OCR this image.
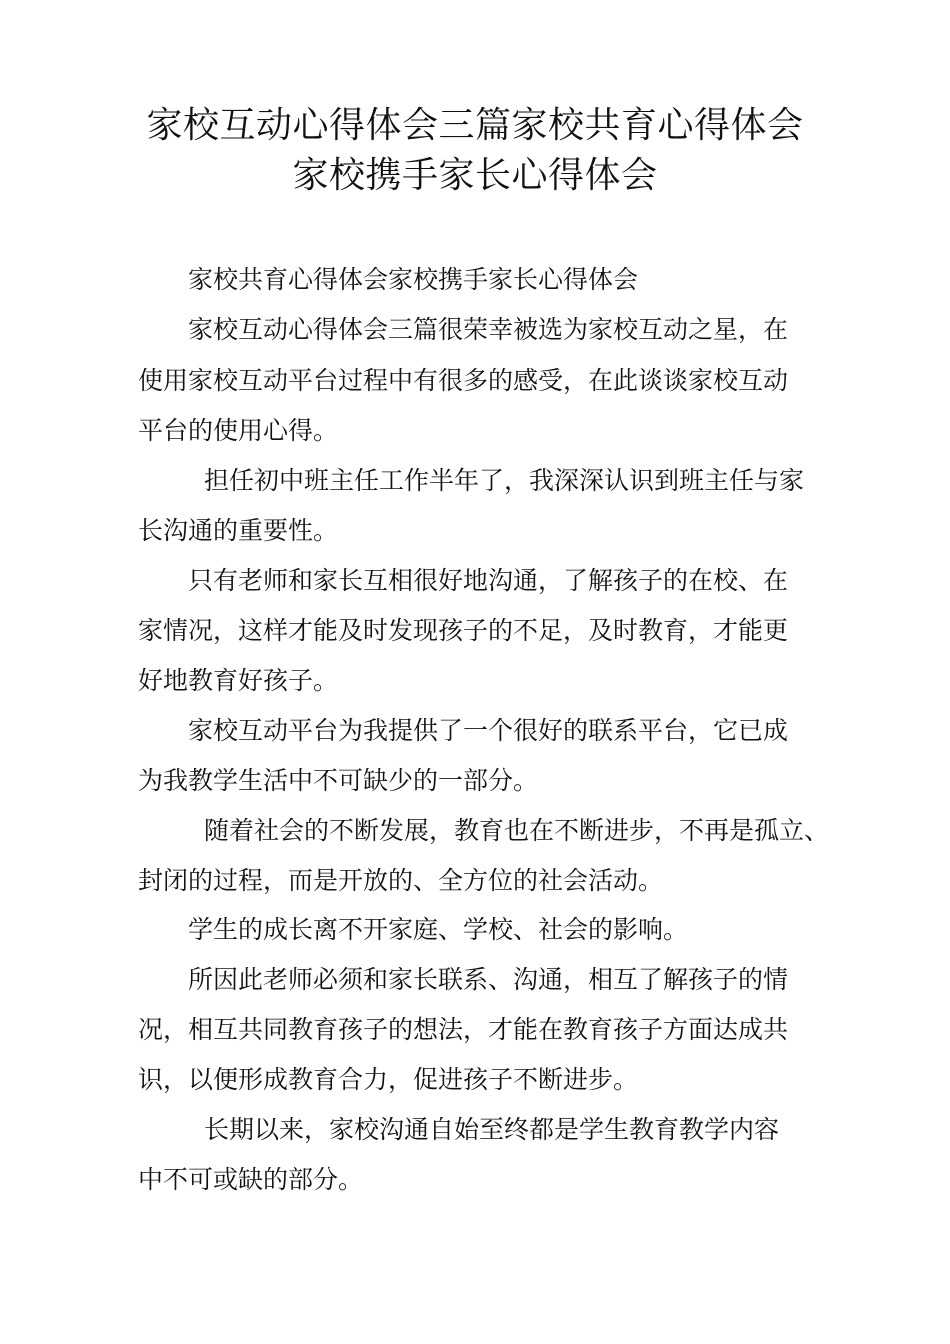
家校互动心得体会三篇家校共育心得体会
家校携手家长心得体会
家校共育心得体会家校携手家长心得体会
家校互动心得体会三篇很荣幸被选为家校互动之星，在
使用家校互动平台过程中有很多的感受，在此谈谈家校互动
平台的使用心得。
担任初中班主任工作半年了，我深深认识到班主任与家
长沟通的重要性。
只有老师和家长互相很好地沟通，了解孩子的在校、在
家情况，这样才能及时发现孩子的不足，及时教育，才能更
好地教育好孩子。
家校互动平台为我提供了一个很好的联系平台，它已成
为我教学生活中不可缺少的一部分。
随着社会的不断发展，教育也在不断进步，不再是孤立、
封闭的过程，而是开放的、全方位的社会活动。
学生的成长离不开家庭、学校、社会的影响。
所因此老师必须和家长联系、沟通，相互了解孩子的情
况，相互共同教育孩子的想法，才能在教育孩子方面达成共
识，以便形成教育合力，促进孩子不断进步。
长期以来，家校沟通自始至终都是学生教育教学内容
中不可或缺的部分。
